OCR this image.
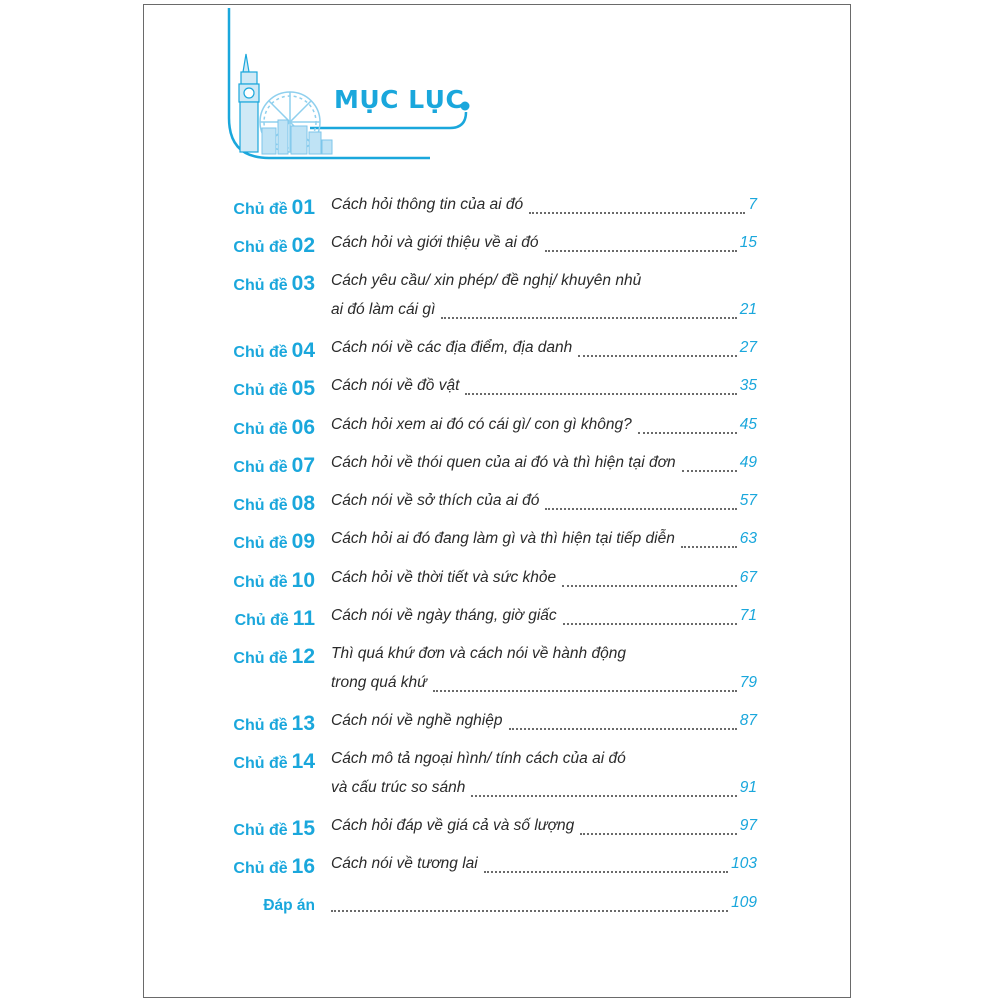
MỤC LỤC
Chủ đề 01 Cách hỏi thông tin của ai đó	7
Chủ đề 02 Cách hỏi và giới thiệu về ai đó	15
Chủ đề 03 Cách yêu cầu/ xin phép/ đề nghị/ khuyên nhủ
ai đó làm cái gì	21
Chủ đề 04 Cách nói về các địa điểm, địa danh	27
Chủ đề 05 Cách nói về đồ vật	35
Chủ đề 06 Cách hỏi xem ai đó có cái gì/ con gì không?	45
Chủ đề 07 Cách hỏi về thói quen của ai đó và thì hiện tại đơn	49
Chủ đề 08 Cách nói về sở thích của ai đó	57
Chủ đề 09 Cách hỏi ai đó đang làm gì và thì hiện tại tiếp diễn	63
Chủ đề 10 Cách hỏi về thời tiết và sức khỏe	67
Chủ đề 11 Cách nói về ngày tháng, giờ giấc	71
Chủ đề 12 Thì quá khứ đơn và cách nói về hành động
trong quá khứ	79
Chủ đề 13 Cách nói về nghề nghiệp	87
Chủ đề 14 Cách mô tả ngoại hình/ tính cách của ai đó
và cấu trúc so sánh	91
Chủ đề 15 Cách hỏi đáp về giá cả và số lượng	97
Chủ đề 16 Cách nói về tương lai	103
Đáp án	109
